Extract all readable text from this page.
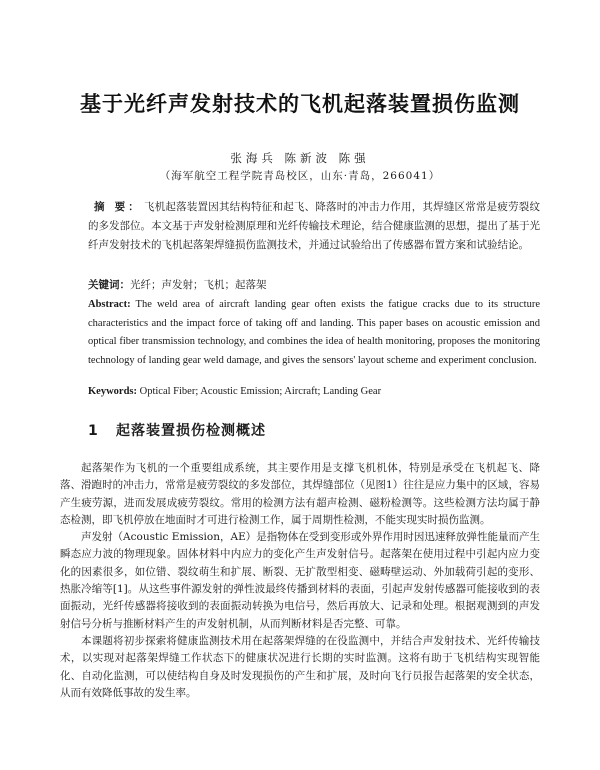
基于光纤声发射技术的飞机起落装置损伤监测
张海兵 陈新波 陈强
（海军航空工程学院青岛校区，山东·青岛，266041）
摘 要： 飞机起落装置因其结构特征和起飞、降落时的冲击力作用，其焊缝区常常是疲劳裂纹的多发部位。本文基于声发射检测原理和光纤传输技术理论，结合健康监测的思想，提出了基于光纤声发射技术的飞机起落架焊缝损伤监测技术，并通过试验给出了传感器布置方案和试验结论。
关键词：光纤；声发射；飞机；起落架
Abstract: The weld area of aircraft landing gear often exists the fatigue cracks due to its structure characteristics and the impact force of taking off and landing. This paper bases on acoustic emission and optical fiber transmission technology, and combines the idea of health monitoring, proposes the monitoring technology of landing gear weld damage, and gives the sensors' layout scheme and experiment conclusion.
Keywords: Optical Fiber; Acoustic Emission; Aircraft; Landing Gear
1 起落装置损伤检测概述

起落架作为飞机的一个重要组成系统，其主要作用是支撑飞机机体，特别是承受在飞机起飞、降落、滑跑时的冲击力，常常是疲劳裂纹的多发部位，其焊缝部位（见图1）往往是应力集中的区域，容易产生疲劳源，进而发展成疲劳裂纹。常用的检测方法有超声检测、磁粉检测等。这些检测方法均属于静态检测，即飞机停放在地面时才可进行检测工作，属于周期性检测，不能实现实时损伤监测。

声发射（Acoustic Emission，AE）是指物体在受到变形或外界作用时因迅速释放弹性能量而产生瞬态应力波的物理现象。固体材料中内应力的变化产生声发射信号。起落架在使用过程中引起内应力变化的因素很多，如位错、裂纹萌生和扩展、断裂、无扩散型相变、磁畴壁运动、外加载荷引起的变形、热胀冷缩等[1]。从这些事件源发射的弹性波最终传播到材料的表面，引起声发射传感器可能接收到的表面振动，光纤传感器将接收到的表面振动转换为电信号，然后再放大、记录和处理。根据观测到的声发射信号分析与推断材料产生的声发射机制，从而判断材料是否完整、可靠。

本课题将初步探索将健康监测技术用在起落架焊缝的在役监测中，并结合声发射技术、光纤传输技术，以实现对起落架焊缝工作状态下的健康状况进行长期的实时监测。这将有助于飞机结构实现智能化、自动化监测，可以使结构自身及时发现损伤的产生和扩展，及时向飞行员报告起落架的安全状态，从而有效降低事故的发生率。
